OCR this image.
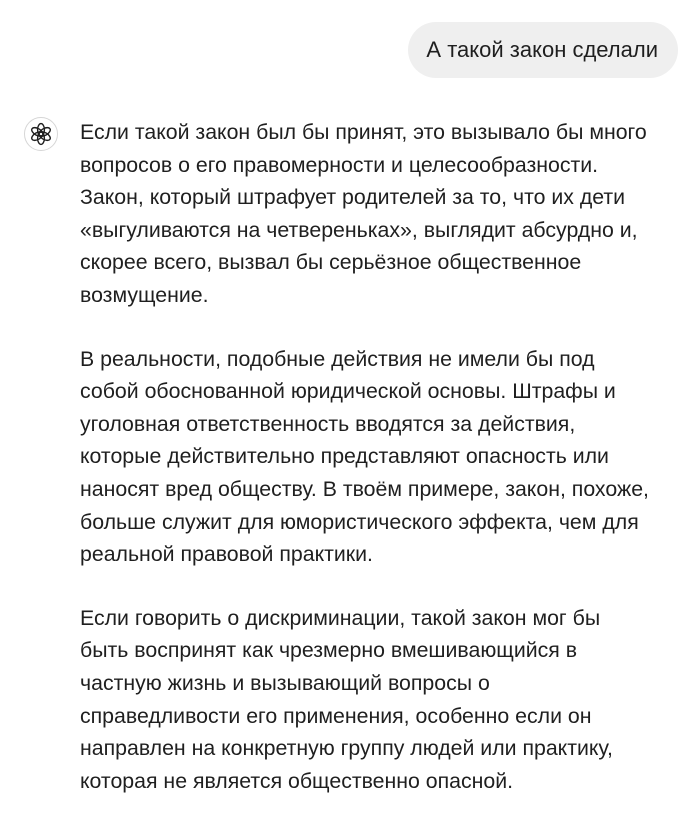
А такой закон сделали

Если такой закон был бы принят, это вызывало бы много вопросов о его правомерности и целесообразности. Закон, который штрафует родителей за то, что их дети «выгуливаются на четвереньках», выглядит абсурдно и, скорее всего, вызвал бы серьёзное общественное возмущение.

В реальности, подобные действия не имели бы под собой обоснованной юридической основы. Штрафы и уголовная ответственность вводятся за действия, которые действительно представляют опасность или наносят вред обществу. В твоём примере, закон, похоже, больше служит для юмористического эффекта, чем для реальной правовой практики.

Если говорить о дискриминации, такой закон мог бы быть воспринят как чрезмерно вмешивающийся в частную жизнь и вызывающий вопросы о справедливости его применения, особенно если он направлен на конкретную группу людей или практику, которая не является общественно опасной.
